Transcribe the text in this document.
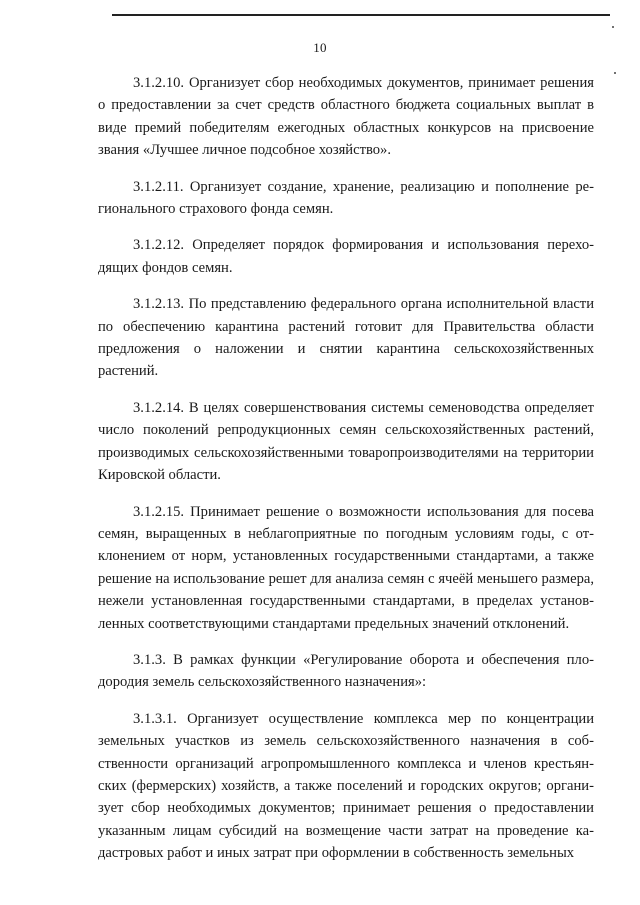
10

3.1.2.10. Организует сбор необходимых документов, принимает решения о предоставлении за счет средств областного бюджета социальных выплат в виде премий победителям ежегодных областных конкурсов на присвоение звания «Лучшее личное подсобное хозяйство».

3.1.2.11. Организует создание, хранение, реализацию и пополнение регионального страхового фонда семян.

3.1.2.12. Определяет порядок формирования и использования переходящих фондов семян.

3.1.2.13. По представлению федерального органа исполнительной власти по обеспечению карантина растений готовит для Правительства области предложения о наложении и снятии карантина сельскохозяйственных растений.

3.1.2.14. В целях совершенствования системы семеноводства определяет число поколений репродукционных семян сельскохозяйственных растений, производимых сельскохозяйственными товаропроизводителями на территории Кировской области.

3.1.2.15. Принимает решение о возможности использования для посева семян, выращенных в неблагоприятные по погодным условиям годы, с отклонением от норм, установленных государственными стандартами, а также решение на использование решет для анализа семян с ячеёй меньшего размера, нежели установленная государственными стандартами, в пределах установленных соответствующими стандартами предельных значений отклонений.

3.1.3. В рамках функции «Регулирование оборота и обеспечения плодородия земель сельскохозяйственного назначения»:

3.1.3.1. Организует осуществление комплекса мер по концентрации земельных участков из земель сельскохозяйственного назначения в собственности организаций агропромышленного комплекса и членов крестьянских (фермерских) хозяйств, а также поселений и городских округов; организует сбор необходимых документов; принимает решения о предоставлении указанным лицам субсидий на возмещение части затрат на проведение кадастровых работ и иных затрат при оформлении в собственность земельных
